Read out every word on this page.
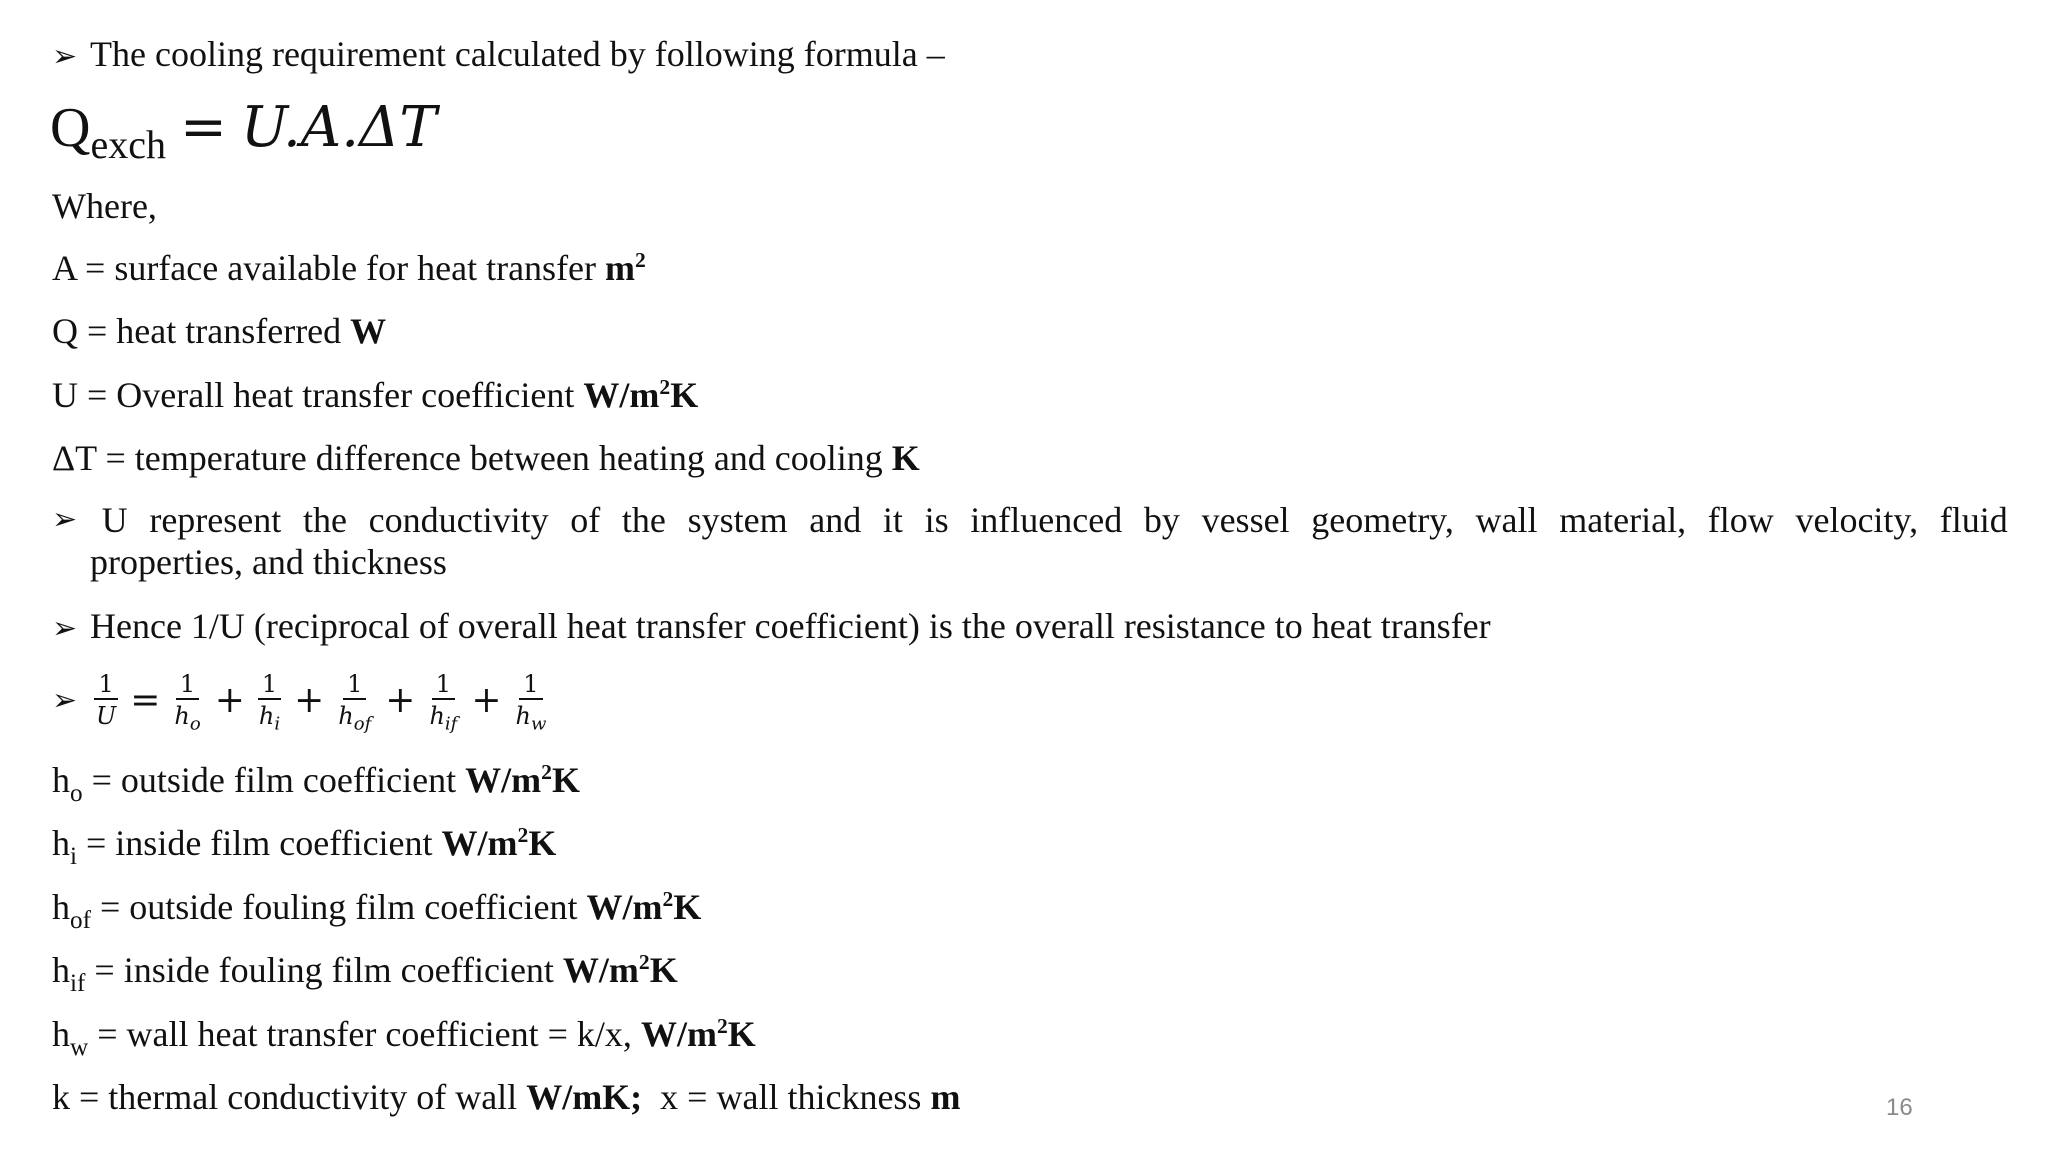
➢ The cooling requirement calculated by following formula –
$Q_{exch} = U.A.\Delta T$
Where,
A = surface available for heat transfer $m^2$
Q = heat transferred W
U = Overall heat transfer coefficient $W/m^2K$
ΔT = temperature difference between heating and cooling K
➢ U represent the conductivity of the system and it is influenced by vessel geometry, wall material, flow velocity, fluid
properties, and thickness
➢ Hence 1/U (reciprocal of overall heat transfer coefficient) is the overall resistance to heat transfer
➢ $\frac{1}{U} = \frac{1}{h_o} + \frac{1}{h_i} + \frac{1}{h_{of}} + \frac{1}{h_{if}} + \frac{1}{h_w}$
$h_o$ = outside film coefficient $W/m^2K$
$h_i$ = inside film coefficient $W/m^2K$
$h_{of}$ = outside fouling film coefficient $W/m^2K$
$h_{if}$ = inside fouling film coefficient $W/m^2K$
$h_w$ = wall heat transfer coefficient = k/x, $W/m^2K$
k = thermal conductivity of wall W/mK;  x = wall thickness m	16
